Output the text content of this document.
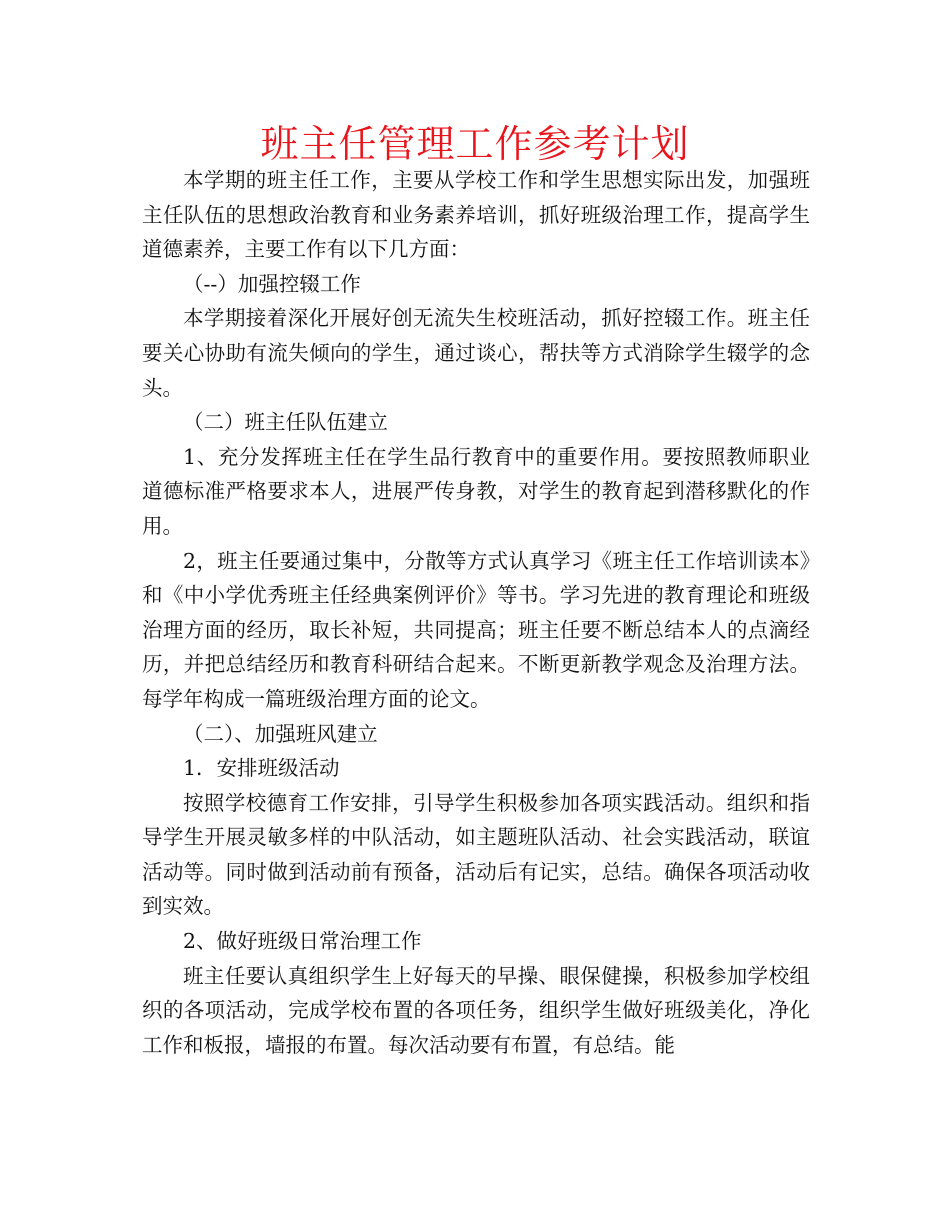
班主任管理工作参考计划

本学期的班主任工作，主要从学校工作和学生思想实际出发，加强班主任队伍的思想政治教育和业务素养培训，抓好班级治理工作，提高学生道德素养，主要工作有以下几方面：

（--）加强控辍工作

本学期接着深化开展好创无流失生校班活动，抓好控辍工作。班主任要关心协助有流失倾向的学生，通过谈心，帮扶等方式消除学生辍学的念头。

（二）班主任队伍建立

1、充分发挥班主任在学生品行教育中的重要作用。要按照教师职业道德标准严格要求本人，进展严传身教，对学生的教育起到潜移默化的作用。

2，班主任要通过集中，分散等方式认真学习《班主任工作培训读本》和《中小学优秀班主任经典案例评价》等书。学习先进的教育理论和班级治理方面的经历，取长补短，共同提高；班主任要不断总结本人的点滴经历，并把总结经历和教育科研结合起来。不断更新教学观念及治理方法。每学年构成一篇班级治理方面的论文。

（二）、加强班风建立

1．安排班级活动

按照学校德育工作安排，引导学生积极参加各项实践活动。组织和指导学生开展灵敏多样的中队活动，如主题班队活动、社会实践活动，联谊活动等。同时做到活动前有预备，活动后有记实，总结。确保各项活动收到实效。

2、做好班级日常治理工作

班主任要认真组织学生上好每天的早操、眼保健操，积极参加学校组织的各项活动，完成学校布置的各项任务，组织学生做好班级美化，净化工作和板报，墙报的布置。每次活动要有布置，有总结。能
